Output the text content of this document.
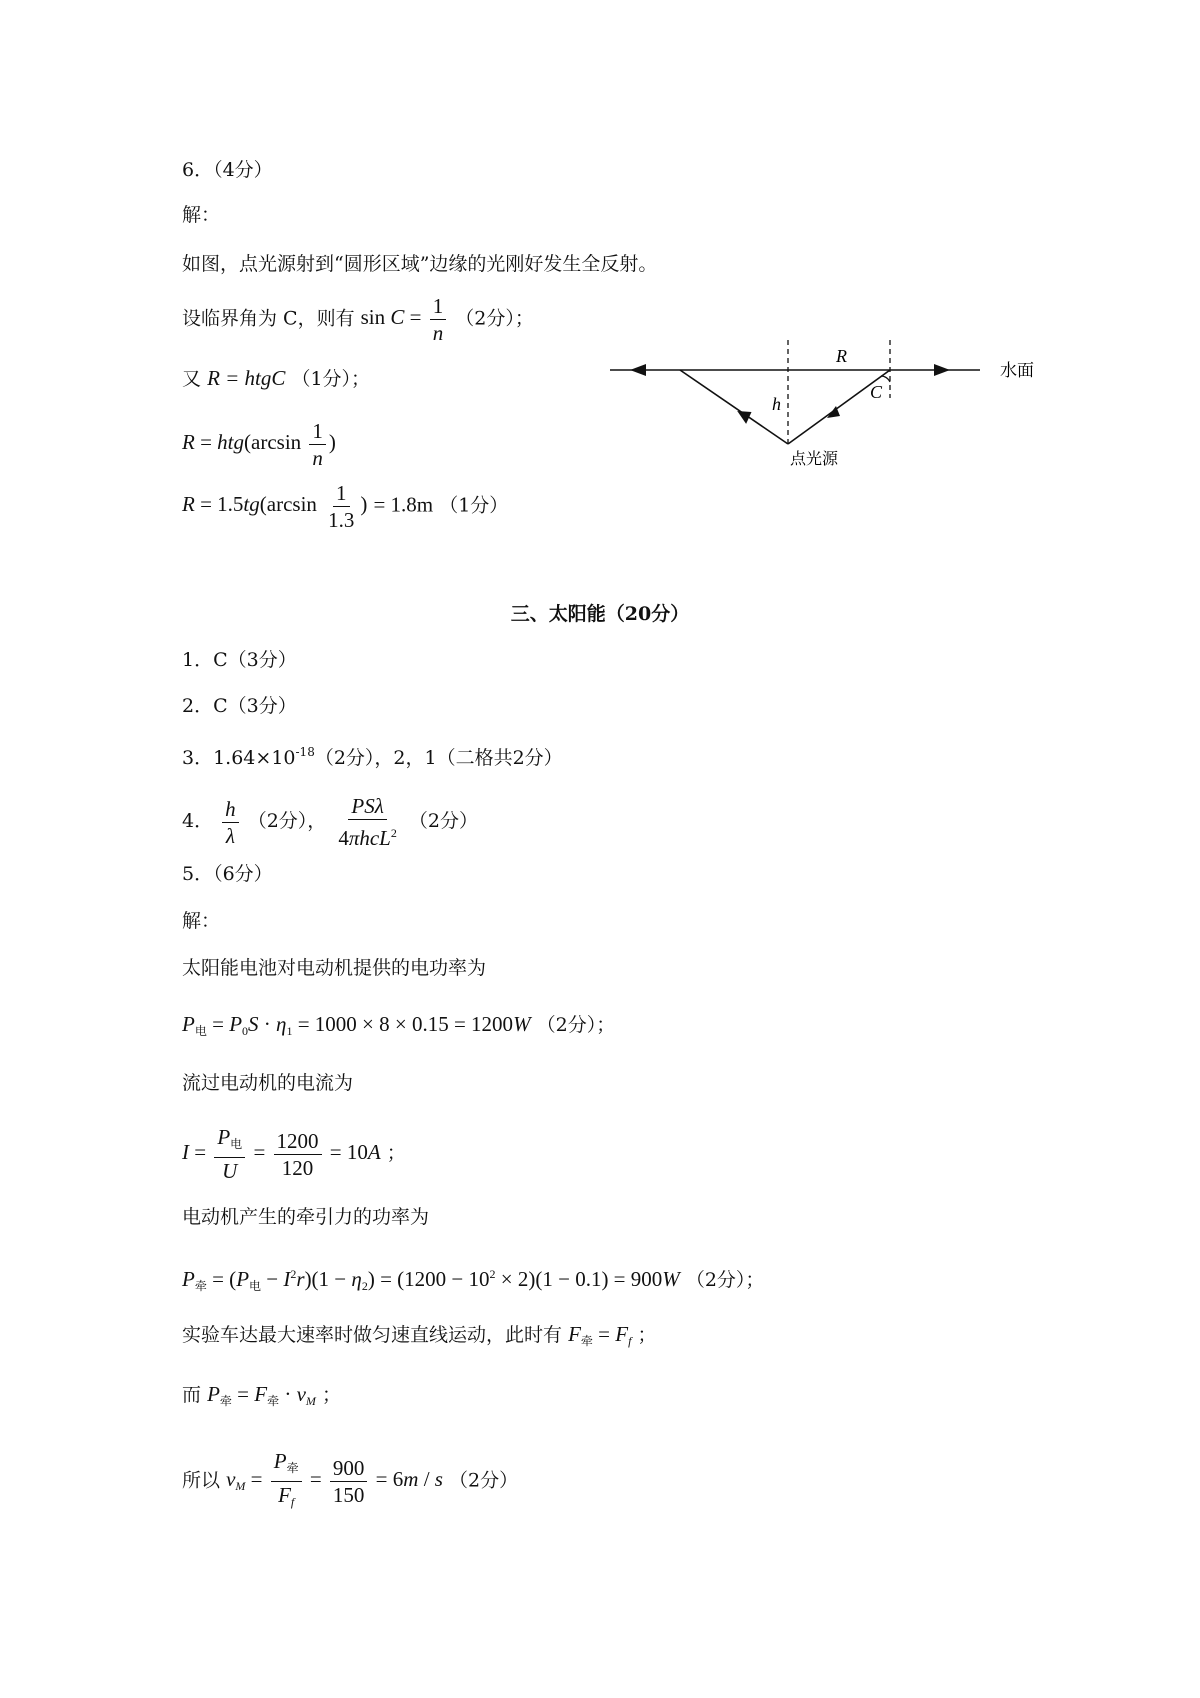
6．（4分）
解：
如图，点光源射到“圆形区域”边缘的光刚好发生全反射。
设临界角为 C，则有 $\sin C = \frac{1}{n} (2$分）；
又 R = htgC （1分）；
$R = htg(\arcsin \frac{1}{n}$ )
$R = 1.5tg(\arcsin \frac{1}{1.3}$ ) = 1.8m （1分）
R
h
C
水面
点光源
三、太阳能（20分）
1．C（3分）
2．C（3分）
3．$1.64\times 10^{-18}(2$分），2，1（二格共2分）
4． $\frac{h}{\lambda} (2$分）， $\frac{\text{PSλ}}{4\pi hcL^2} (2$分）
5．（6分）
解：
太阳能电池对电动机提供的电功率为
$P_电 = P_0S \cdot \eta_1 = 1000 \times 8 \times 0.15 = 1200W$ （2分）；
流过电动机的电流为
$I = \frac{P_电}{U} = \frac{1200}{120} = 10A$ ；
电动机产生的牵引力的功率为
$P_牵 = (P_电 - I^2r)(1 - \eta_2) = (1200 - 10^2 \times 2)(1 - 0.1) = 900W$ （2分）；
实验车达最大速率时做匀速直线运动，此时有 $F_牵 = F_f$ ；
而 $P_牵 = F_牵 \cdot v_M$ ；
所以 $v_M = \frac{P_牵}{F_f} = \frac{900}{150} = 6m / s$ （2分）
